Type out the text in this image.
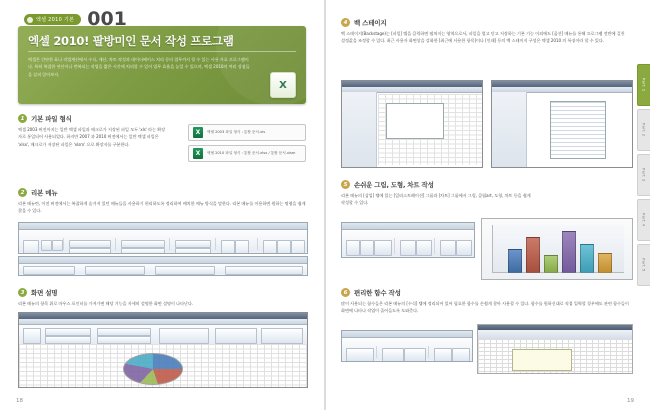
엑셀 2010 기본 001
엑셀 2010! 팔방미인 문서 작성 프로그램
엑셀은 간단한 표나 작업계산에서 수식, 계산, 차트 작성과 데이터베이스 처리 등의 업무까지 할 수 있는 사용 자료 프로그램이다. 특히 복잡한 연산이나 반복되는 작업을 짧은 시간에 처리할 수 있어 업무 효율을 높일 수 있으며, 엑셀 2010의 여러 장점들을 살펴 알아보자.
X
1	기본 파일 형식
엑셀 2003 버전까지는 일반 엑셀 파일과 매크로가 저장된 파일 모두 'xls' 라는 확장자로 통일되어 사용되었다. 하지만 2007 과 2010 버전에서는 일반 엑셀 파일은 'xlsx', 매크로가 저장된 파일은 'xlsm' 으로 확장자를 구분한다.
X	엑셀 2003 파일 형식 : 통합 문서.xls
X	엑셀 2010 파일 형식 : 통합 문서.xlsx / 통합 문서.xlsm
2	리본 메뉴
리본 메뉴란, 이전 버전에서는 복잡하게 숨겨져 있던 메뉴들을 사용하기 편리하도록 정리하여 배치한 메뉴 방식을 말한다. 리본 메뉴를 이용하면 원하는 명령을 쉽게 찾을 수 있다.
3	화면 설명
리본 메뉴의 항목 위로 마우스 포인터를 가져가면 해당 기능을 자세히 설명한 화면 설명이 나타난다.
18
4	백 스테이지
백 스테이지(Backstage)는 [파일] 탭을 클릭하면 펼쳐지는 영역으로서, 파일을 열고 닫고 저장하는 기본 기능 이외에도 [옵션] 메뉴를 통해 프로그램 전반에 걸친 설정값을 조정할 수 있다. 최근 사용자 화면상을 강화한 [최근에 사용한 항목]이나 [인쇄] 등의 백 스테이지 구성은 엑셀 2010 의 특징이라 할 수 있다.
5	손쉬운 그림, 도형, 차트 작성
리본 메뉴의 [삽입] 탭에 있는 [일러스트레이션] 그룹과 [차트] 그룹에서 그림, 클립art, 도형, 차트 등을 쉽게 작성할 수 있다.
6	편리한 함수 작성
많이 사용되는 함수들은 리본 메뉴의 [수식] 탭에 정리되어 있어 필요한 함수를 손쉽게 찾아 사용할 수 있다. 함수를 원하신대로 직접 입력할 경우에도 관련 함수들이 화면에 나타나 작업이 줄어들도록 도와준다.
Part 1
Part 2
Part 3
Part 4
Part 5
19
